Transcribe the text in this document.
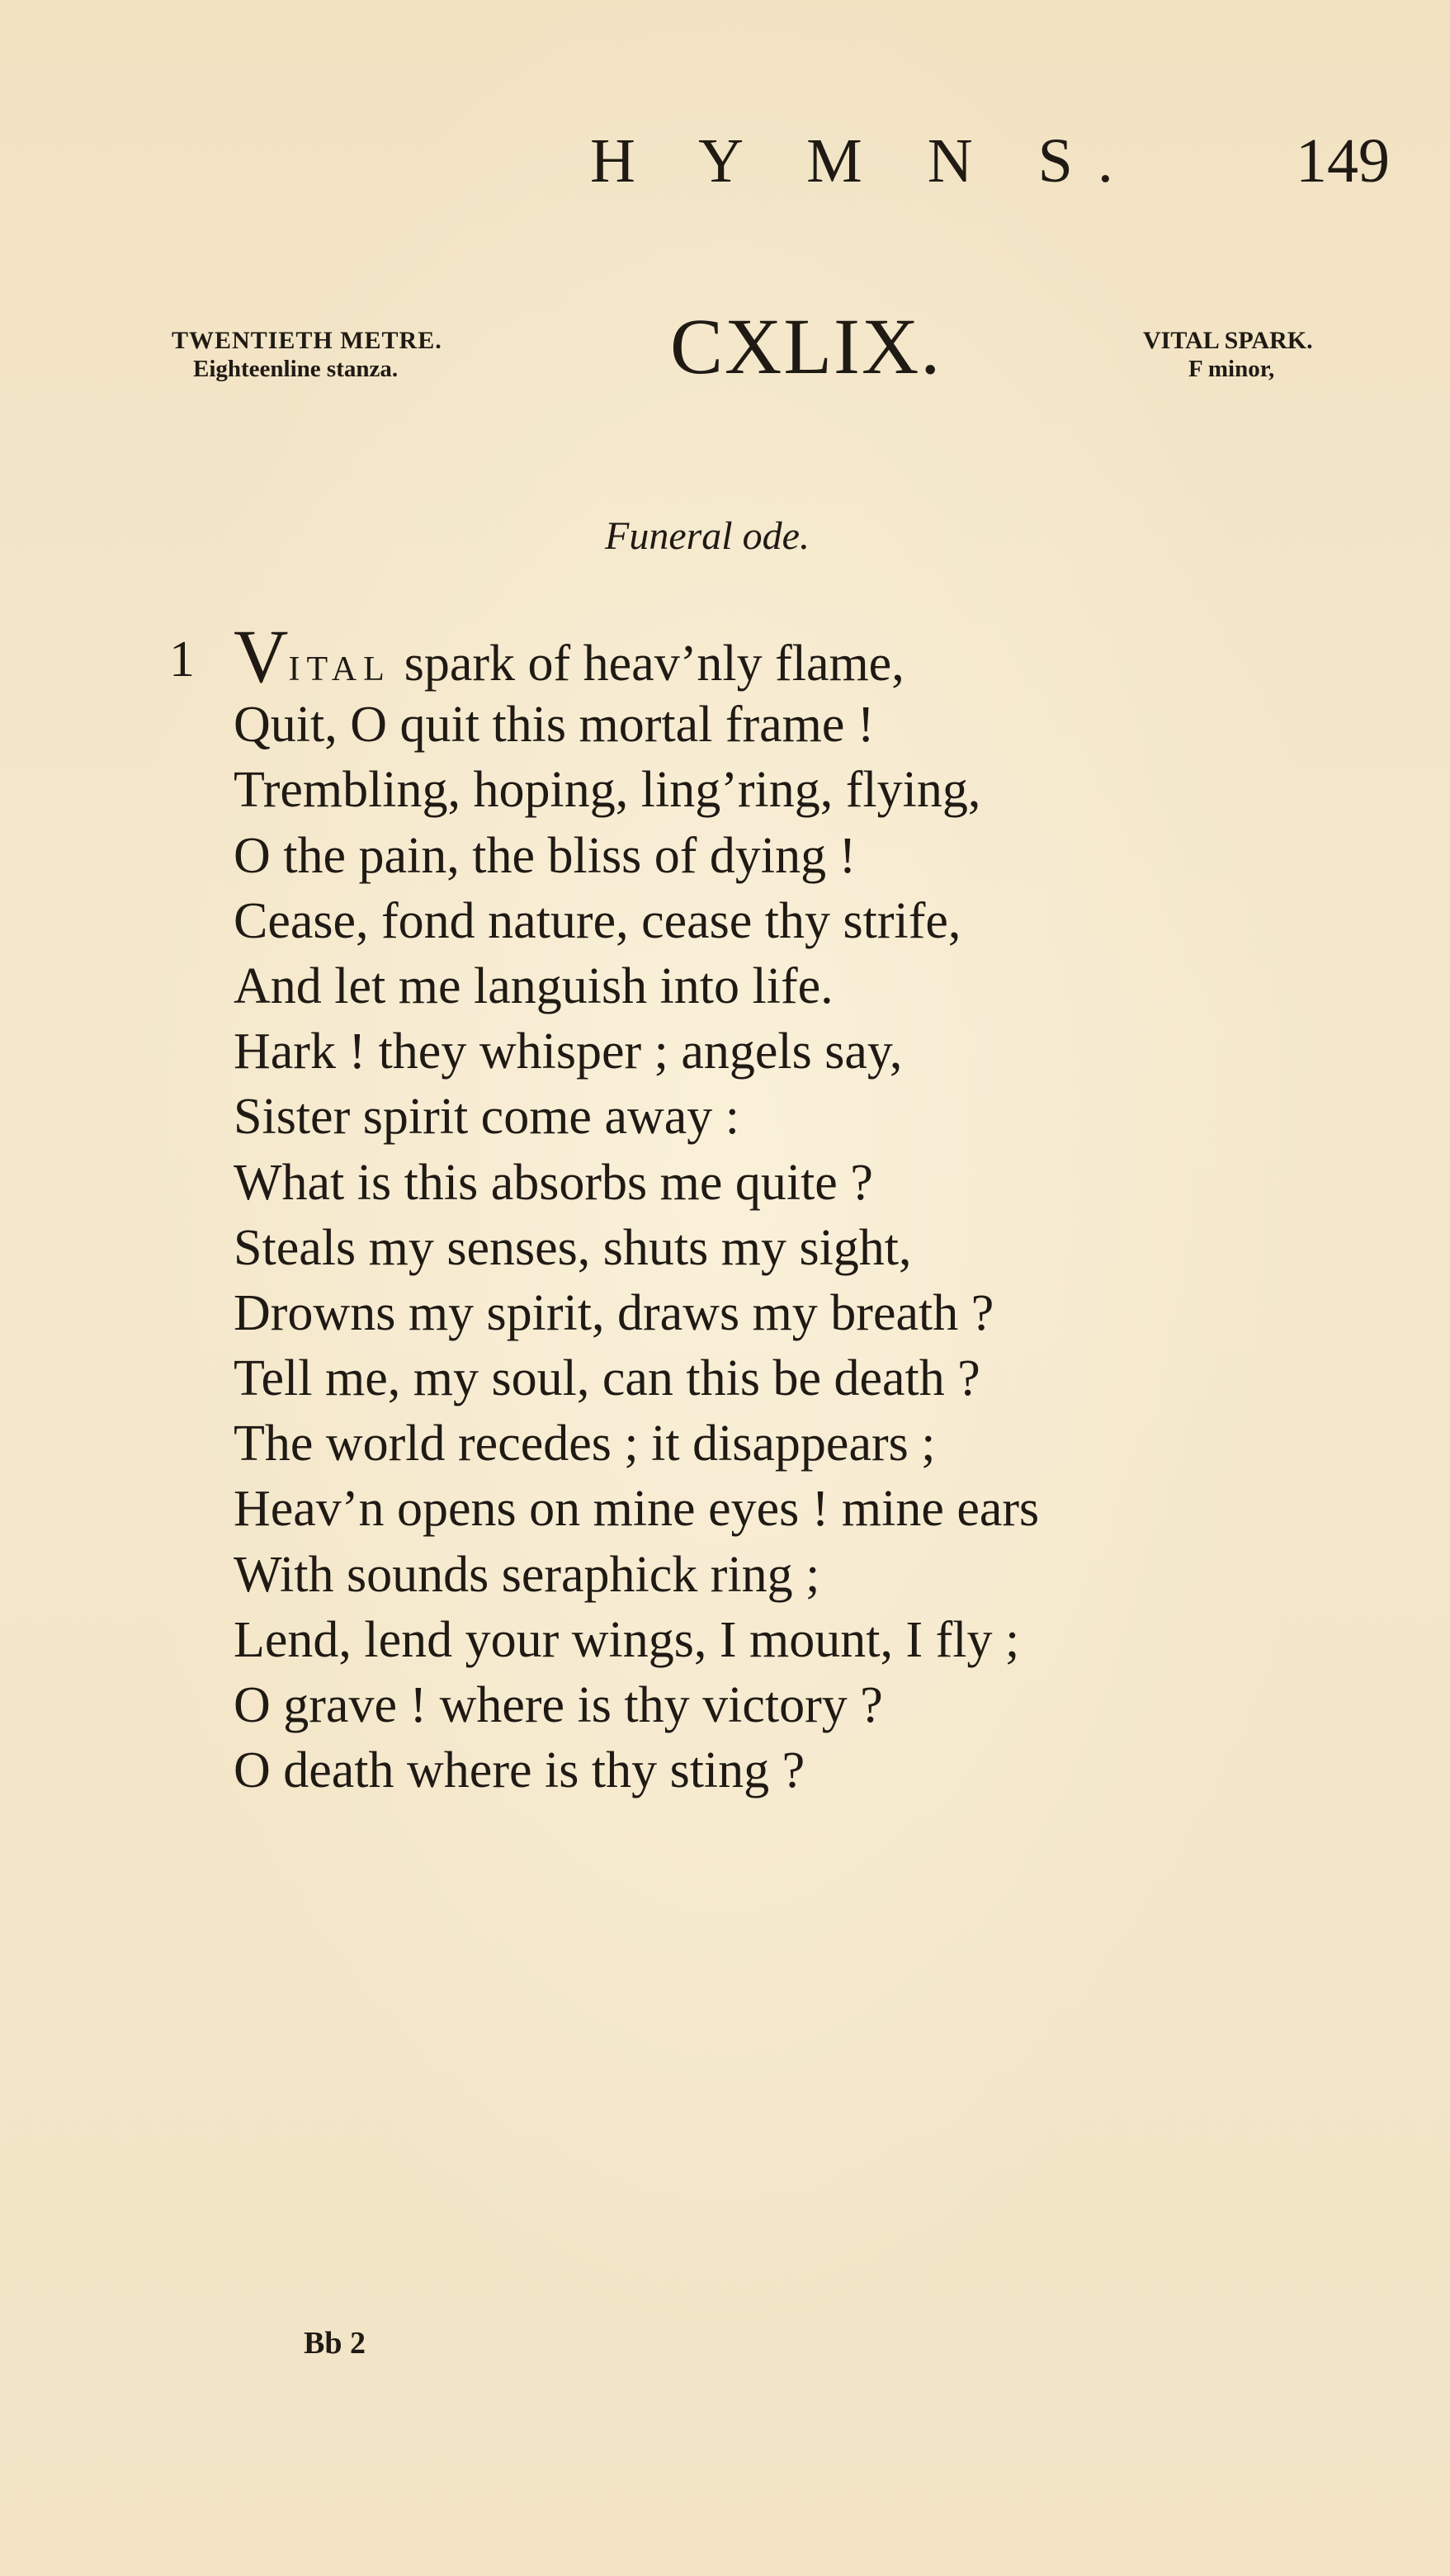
H Y M N S.	149
TWENTIETH METRE.
Eighteenline stanza.	CXLIX.	VITAL SPARK.
F minor,
Funeral ode.
1 VITAL spark of heav’nly flame,
Quit, O quit this mortal frame !
Trembling, hoping, ling’ring, flying,
O the pain, the bliss of dying !
Cease, fond nature, cease thy strife,
And let me languish into life.
Hark ! they whisper ; angels say,
Sister spirit come away :
What is this absorbs me quite ?
Steals my senses, shuts my sight,
Drowns my spirit, draws my breath ?
Tell me, my soul, can this be death ?
The world recedes ; it disappears ;
Heav’n opens on mine eyes ! mine ears
With sounds seraphick ring ;
Lend, lend your wings, I mount, I fly ;
O grave ! where is thy victory ?
O death where is thy sting ?
Bb 2
